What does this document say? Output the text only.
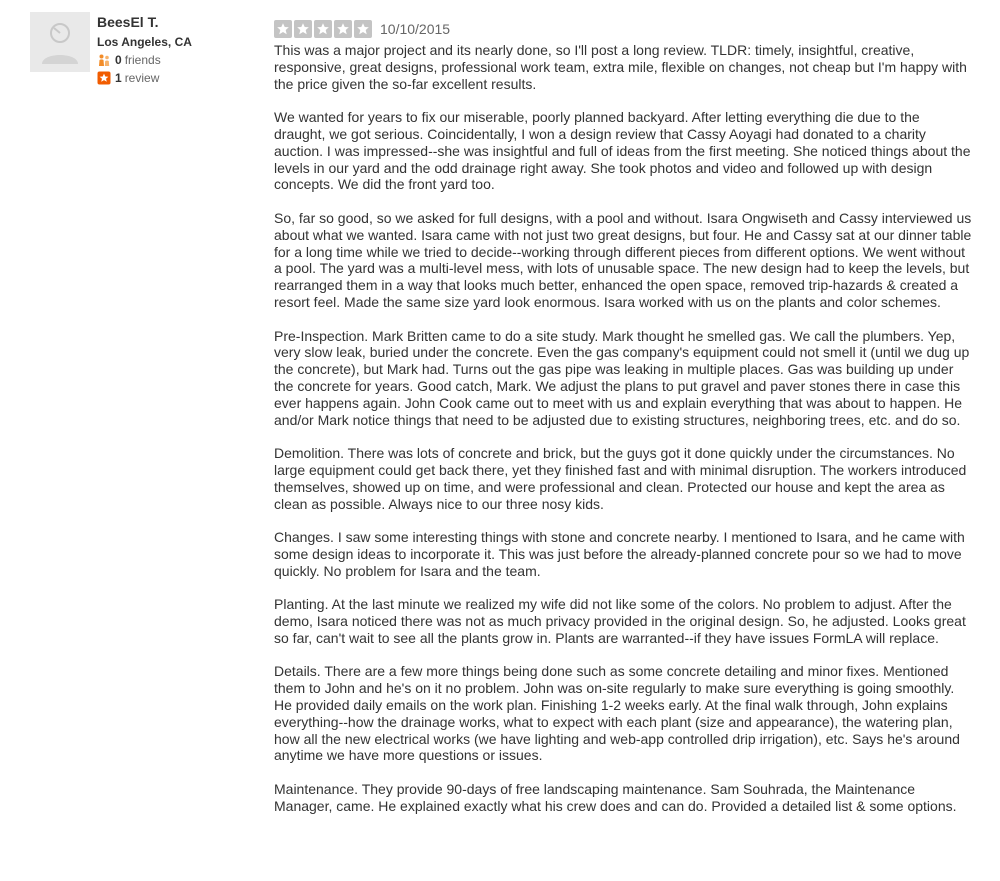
BeesEl T.
Los Angeles, CA
0 friends
1 review
10/10/2015

This was a major project and its nearly done, so I'll post a long review. TLDR: timely, insightful, creative, responsive, great designs, professional work team, extra mile, flexible on changes, not cheap but I'm happy with the price given the so-far excellent results.

We wanted for years to fix our miserable, poorly planned backyard. After letting everything die due to the draught, we got serious. Coincidentally, I won a design review that Cassy Aoyagi had donated to a charity auction. I was impressed--she was insightful and full of ideas from the first meeting. She noticed things about the levels in our yard and the odd drainage right away. She took photos and video and followed up with design concepts. We did the front yard too.

So, far so good, so we asked for full designs, with a pool and without. Isara Ongwiseth and Cassy interviewed us about what we wanted. Isara came with not just two great designs, but four. He and Cassy sat at our dinner table for a long time while we tried to decide--working through different pieces from different options. We went without a pool. The yard was a multi-level mess, with lots of unusable space. The new design had to keep the levels, but rearranged them in a way that looks much better, enhanced the open space, removed trip-hazards & created a resort feel. Made the same size yard look enormous. Isara worked with us on the plants and color schemes.

Pre-Inspection. Mark Britten came to do a site study. Mark thought he smelled gas. We call the plumbers. Yep, very slow leak, buried under the concrete. Even the gas company's equipment could not smell it (until we dug up the concrete), but Mark had. Turns out the gas pipe was leaking in multiple places. Gas was building up under the concrete for years. Good catch, Mark. We adjust the plans to put gravel and paver stones there in case this ever happens again. John Cook came out to meet with us and explain everything that was about to happen. He and/or Mark notice things that need to be adjusted due to existing structures, neighboring trees, etc. and do so.

Demolition. There was lots of concrete and brick, but the guys got it done quickly under the circumstances. No large equipment could get back there, yet they finished fast and with minimal disruption. The workers introduced themselves, showed up on time, and were professional and clean. Protected our house and kept the area as clean as possible. Always nice to our three nosy kids.

Changes. I saw some interesting things with stone and concrete nearby. I mentioned to Isara, and he came with some design ideas to incorporate it. This was just before the already-planned concrete pour so we had to move quickly. No problem for Isara and the team.

Planting. At the last minute we realized my wife did not like some of the colors. No problem to adjust. After the demo, Isara noticed there was not as much privacy provided in the original design. So, he adjusted. Looks great so far, can't wait to see all the plants grow in. Plants are warranted--if they have issues FormLA will replace.

Details. There are a few more things being done such as some concrete detailing and minor fixes. Mentioned them to John and he's on it no problem. John was on-site regularly to make sure everything is going smoothly. He provided daily emails on the work plan. Finishing 1-2 weeks early. At the final walk through, John explains everything--how the drainage works, what to expect with each plant (size and appearance), the watering plan, how all the new electrical works (we have lighting and web-app controlled drip irrigation), etc. Says he's around anytime we have more questions or issues.

Maintenance. They provide 90-days of free landscaping maintenance. Sam Souhrada, the Maintenance Manager, came. He explained exactly what his crew does and can do. Provided a detailed list & some options.
